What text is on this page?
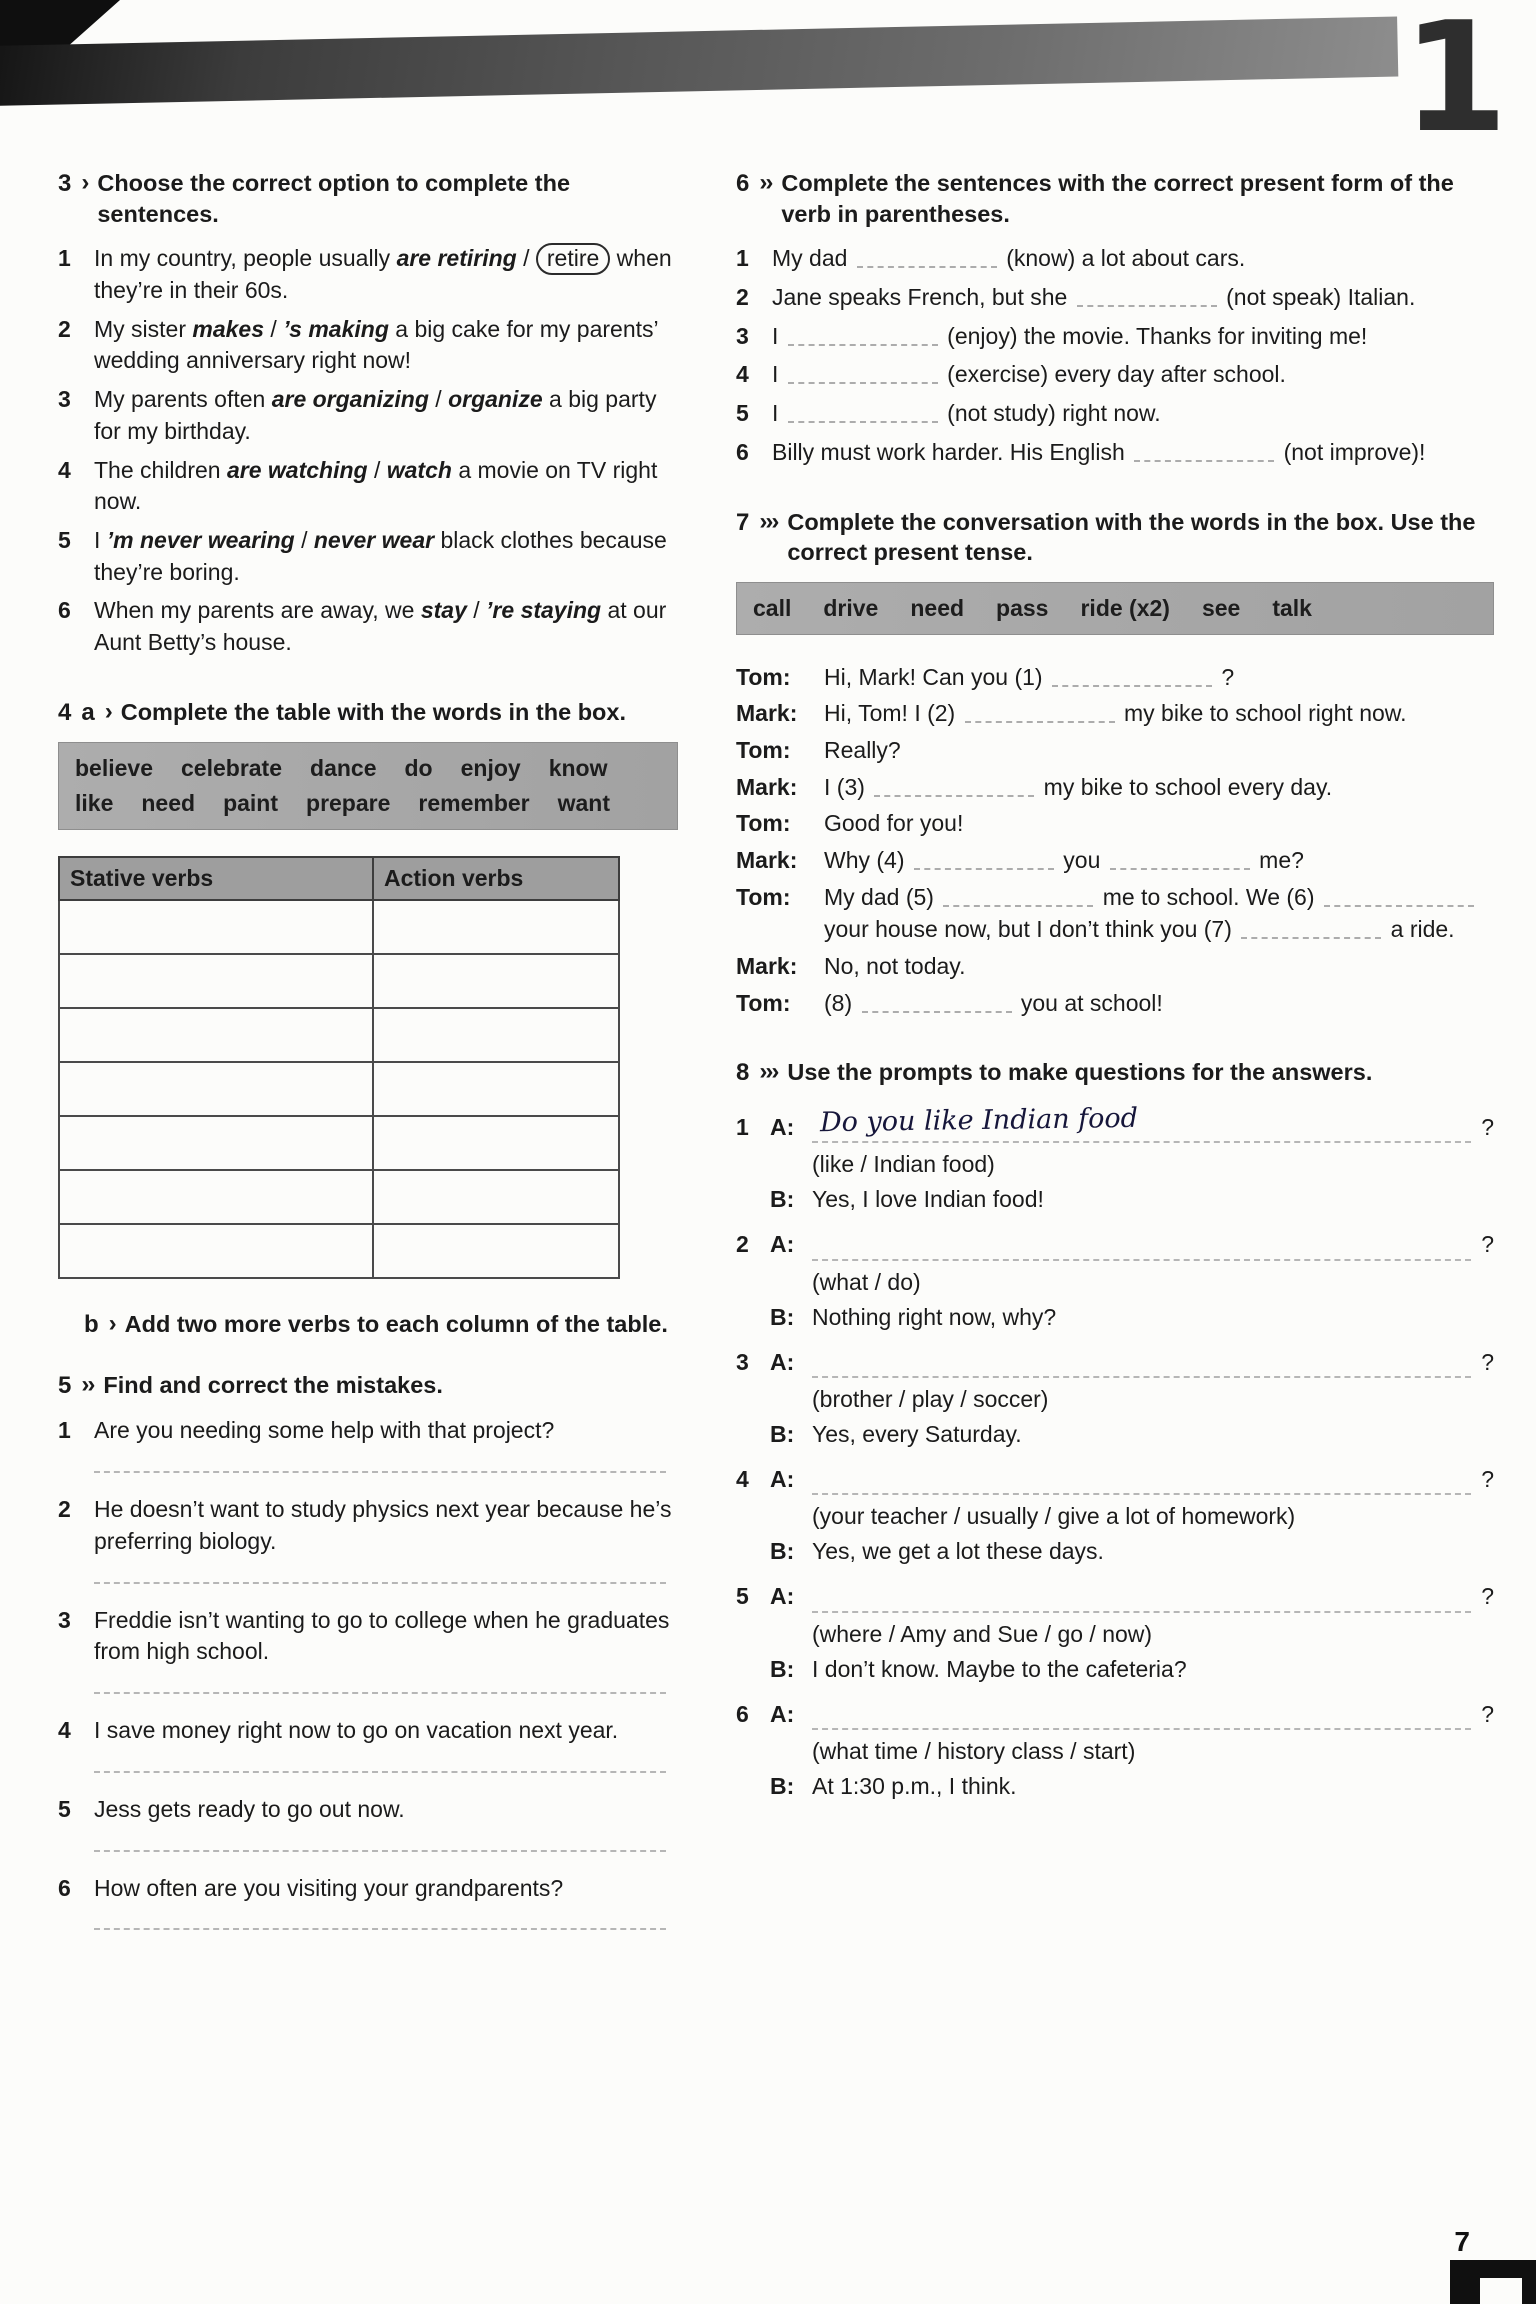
1
3 › Choose the correct option to complete the sentences.
1	In my country, people usually are retiring / retire when they’re in their 60s.
2	My sister makes / ’s making a big cake for my parents’ wedding anniversary right now!
3	My parents often are organizing / organize a big party for my birthday.
4	The children are watching / watch a movie on TV right now.
5	I ’m never wearing / never wear black clothes because they’re boring.
6	When my parents are away, we stay / ’re staying at our Aunt Betty’s house.
4 a › Complete the table with the words in the box.
believe celebrate dance do enjoy know
like need paint prepare remember want
Stative verbs	Action verbs

b › Add two more verbs to each column of the table.
5 ›› Find and correct the mistakes.
1	Are you needing some help with that project?
2	He doesn’t want to study physics next year because he’s preferring biology.
3	Freddie isn’t wanting to go to college when he graduates from high school.
4	I save money right now to go on vacation next year.
5	Jess gets ready to go out now.
6	How often are you visiting your grandparents?
6 ›› Complete the sentences with the correct present form of the verb in parentheses.
1	My dad	(know) a lot about cars.
2	Jane speaks French, but she	(not speak) Italian.
3	I	(enjoy) the movie. Thanks for inviting me!
4	I	(exercise) every day after school.
5	I	(not study) right now.
6	Billy must work harder. His English	(not improve)!
7 ››› Complete the conversation with the words in the box. Use the correct present tense.
call drive need pass ride (x2) see talk
Tom:	Hi, Mark! Can you (1)	?
Mark:	Hi, Tom! I (2)	my bike to school right now.
Tom:	Really?
Mark:	I (3)	my bike to school every day.
Tom:	Good for you!
Mark:	Why (4)	you	me?
Tom:	My dad (5)	me to school. We (6)  your house now, but I don’t think you (7)	a ride.
Mark:	No, not today.
Tom:	(8)	you at school!
8 ››› Use the prompts to make questions for the answers.
1 A: Do you like Indian food	?
(like / Indian food)
B: Yes, I love Indian food!
2 A:	?
(what / do)
B: Nothing right now, why?
3 A:	?
(brother / play / soccer)
B: Yes, every Saturday.
4 A:	?
(your teacher / usually / give a lot of homework)
B: Yes, we get a lot these days.
5 A:	?
(where / Amy and Sue / go / now)
B: I don’t know. Maybe to the cafeteria?
6 A:	?
(what time / history class / start)
B: At 1:30 p.m., I think.
7
